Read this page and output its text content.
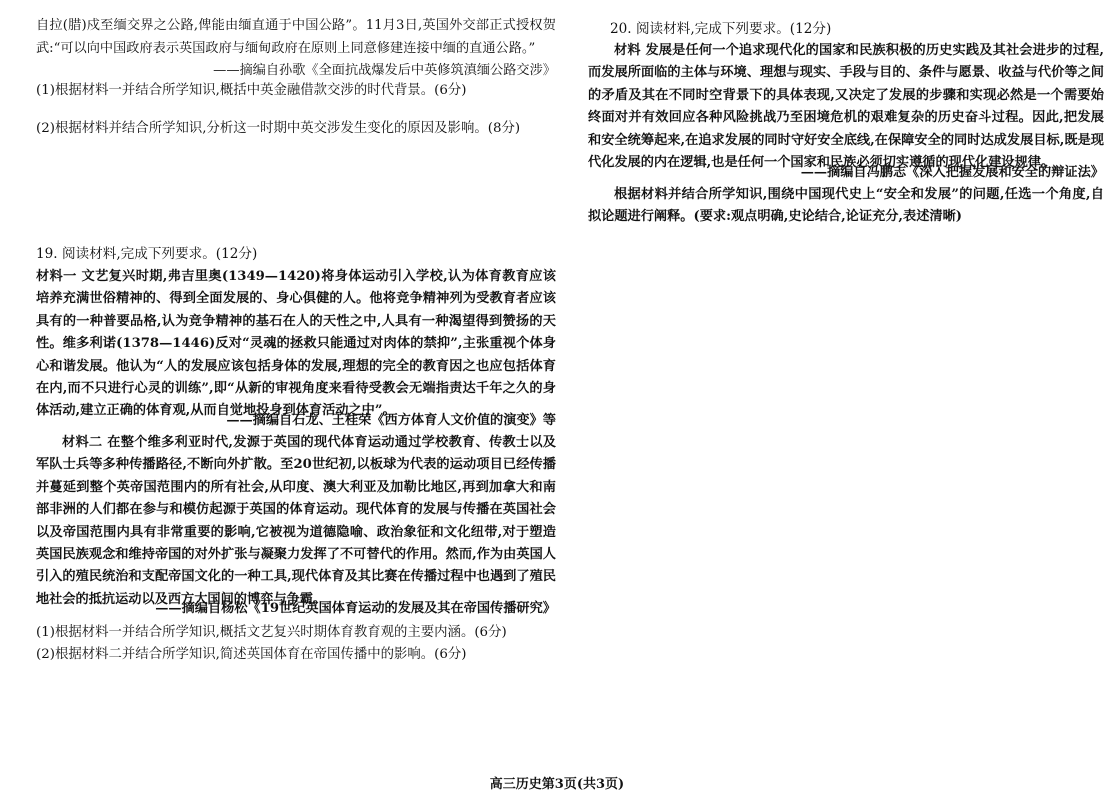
自拉(腊)戍至缅交界之公路,俾能由缅直通于中国公路”。11月3日,英国外交部正式授权贺武:“可以向中国政府表示英国政府与缅甸政府在原则上同意修建连接中缅的直通公路。”

——摘编自孙歌《全面抗战爆发后中英修筑滇缅公路交涉》

(1)根据材料一并结合所学知识,概括中英金融借款交涉的时代背景。(6分)

(2)根据材料并结合所学知识,分析这一时期中英交涉发生变化的原因及影响。(8分)

19. 阅读材料,完成下列要求。(12分)

材料一 文艺复兴时期,弗吉里奥(1349—1420)将身体运动引入学校,认为体育教育应该培养充满世俗精神的、得到全面发展的、身心俱健的人。他将竞争精神列为受教育者应该具有的一种普要品格,认为竞争精神的基石在人的天性之中,人具有一种渴望得到赞扬的天性。维多利诺(1378—1446)反对“灵魂的拯救只能通过对肉体的禁抑”,主张重视个体身心和谐发展。他认为“人的发展应该包括身体的发展,理想的完全的教育因之也应包括体育在内,而不只进行心灵的训练”,即“从新的审视角度来看待受教会无端指责达千年之久的身体活动,建立正确的体育观,从而自觉地投身到体育活动之中”。

——摘编自石龙、王桂荣《西方体育人文价值的演变》等

材料二 在整个维多利亚时代,发源于英国的现代体育运动通过学校教育、传教士以及军队士兵等多种传播路径,不断向外扩散。至20世纪初,以板球为代表的运动项目已经传播并蔓延到整个英帝国范围内的所有社会,从印度、澳大利亚及加勒比地区,再到加拿大和南部非洲的人们都在参与和模仿起源于英国的体育运动。现代体育的发展与传播在英国社会以及帝国范围内具有非常重要的影响,它被视为道德隐喻、政治象征和文化纽带,对于塑造英国民族观念和维持帝国的对外扩张与凝聚力发挥了不可替代的作用。然而,作为由英国人引入的殖民统治和支配帝国文化的一种工具,现代体育及其比赛在传播过程中也遇到了殖民地社会的抵抗运动以及西方大国间的博弈与争霸。

——摘编自杨松《19世纪英国体育运动的发展及其在帝国传播研究》

(1)根据材料一并结合所学知识,概括文艺复兴时期体育教育观的主要内涵。(6分)

(2)根据材料二并结合所学知识,简述英国体育在帝国传播中的影响。(6分)

20. 阅读材料,完成下列要求。(12分)

材料 发展是任何一个追求现代化的国家和民族积极的历史实践及其社会进步的过程,而发展所面临的主体与环境、理想与现实、手段与目的、条件与愿景、收益与代价等之间的矛盾及其在不同时空背景下的具体表现,又决定了发展的步骤和实现必然是一个需要始终面对并有效回应各种风险挑战乃至困境危机的艰难复杂的历史奋斗过程。因此,把发展和安全统筹起来,在追求发展的同时守好安全底线,在保障安全的同时达成发展目标,既是现代化发展的内在逻辑,也是任何一个国家和民族必须切实遵循的现代化建设规律。

——摘编自冯鹏志《深入把握发展和安全的辩证法》

根据材料并结合所学知识,围绕中国现代史上“安全和发展”的问题,任选一个角度,自拟论题进行阐释。(要求:观点明确,史论结合,论证充分,表述清晰)

高三历史第3页(共3页)
